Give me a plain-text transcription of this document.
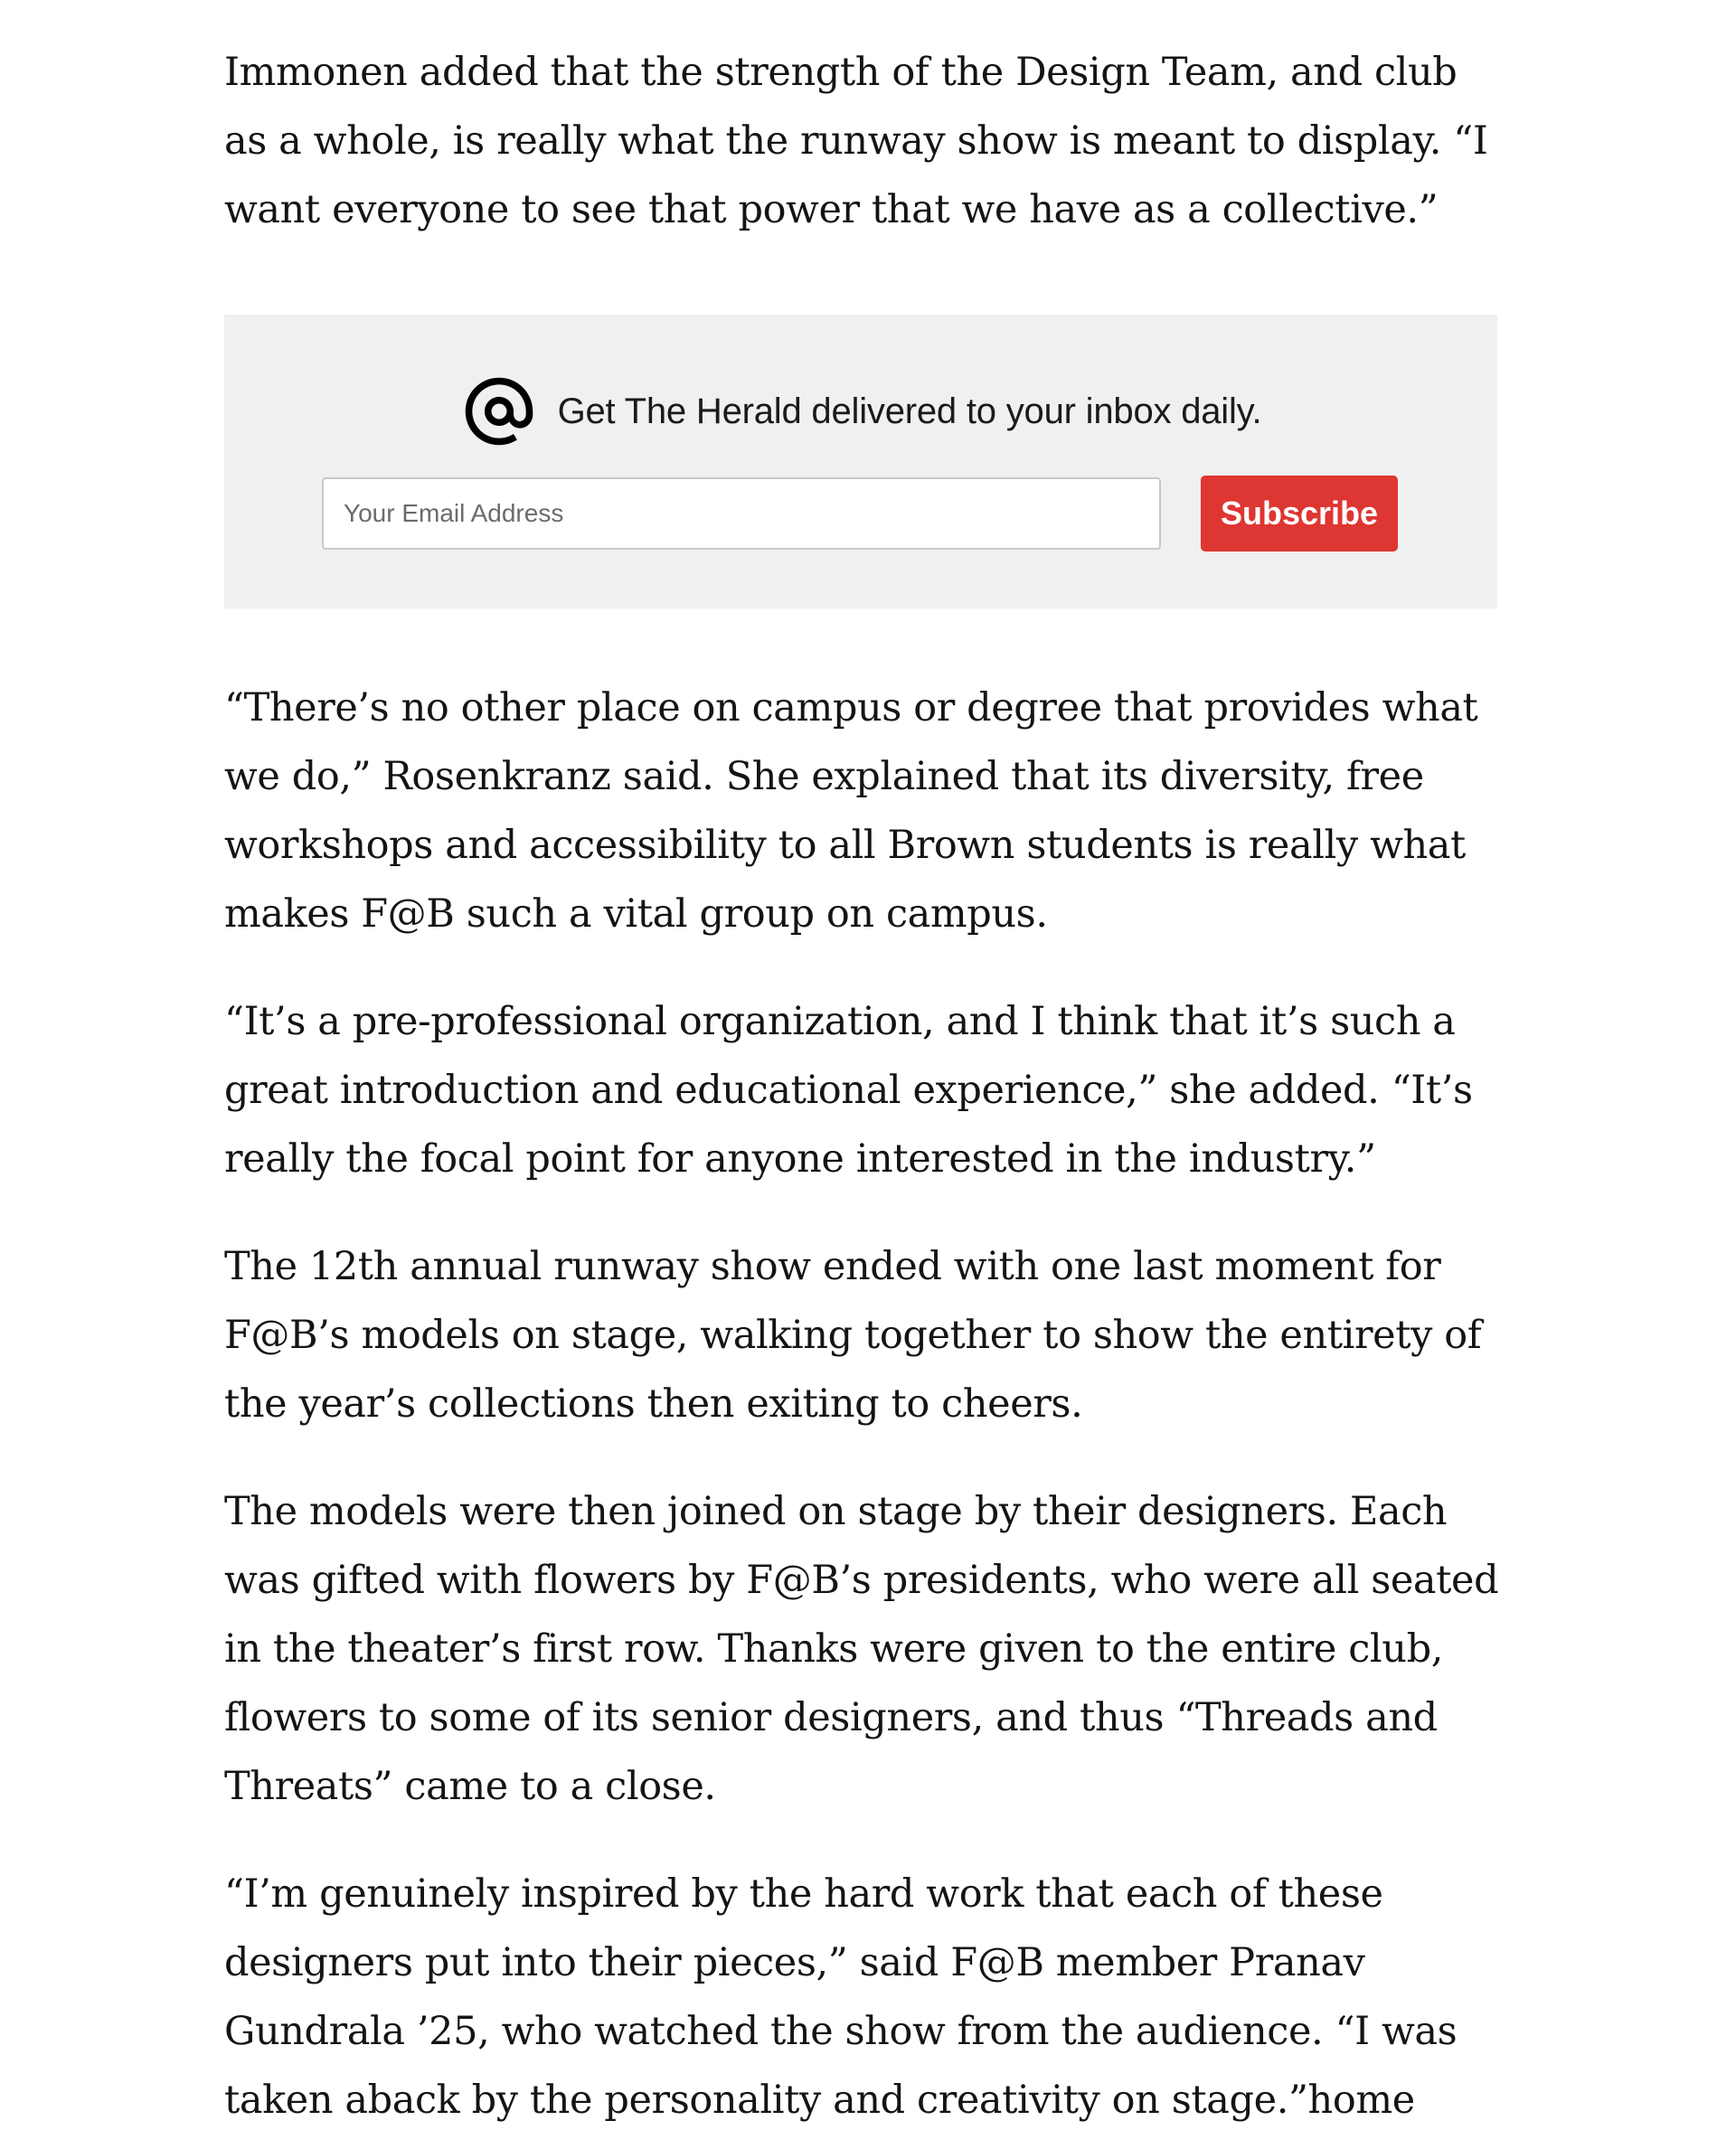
Immonen added that the strength of the Design Team, and club as a whole, is really what the runway show is meant to display. “I want everyone to see that power that we have as a collective.”

Get The Herald delivered to your inbox daily.
Your Email Address
Subscribe

“There’s no other place on campus or degree that provides what we do,” Rosenkranz said. She explained that its diversity, free workshops and accessibility to all Brown students is really what makes F@B such a vital group on campus.

“It’s a pre-professional organization, and I think that it’s such a great introduction and educational experience,” she added. “It’s really the focal point for anyone interested in the industry.”

The 12th annual runway show ended with one last moment for F@B’s models on stage, walking together to show the entirety of the year’s collections then exiting to cheers.

The models were then joined on stage by their designers. Each was gifted with flowers by F@B’s presidents, who were all seated in the theater’s first row. Thanks were given to the entire club, flowers to some of its senior designers, and thus “Threads and Threats” came to a close.

“I’m genuinely inspired by the hard work that each of these designers put into their pieces,” said F@B member Pranav Gundrala ’25, who watched the show from the audience. “I was taken aback by the personality and creativity on stage.”home
